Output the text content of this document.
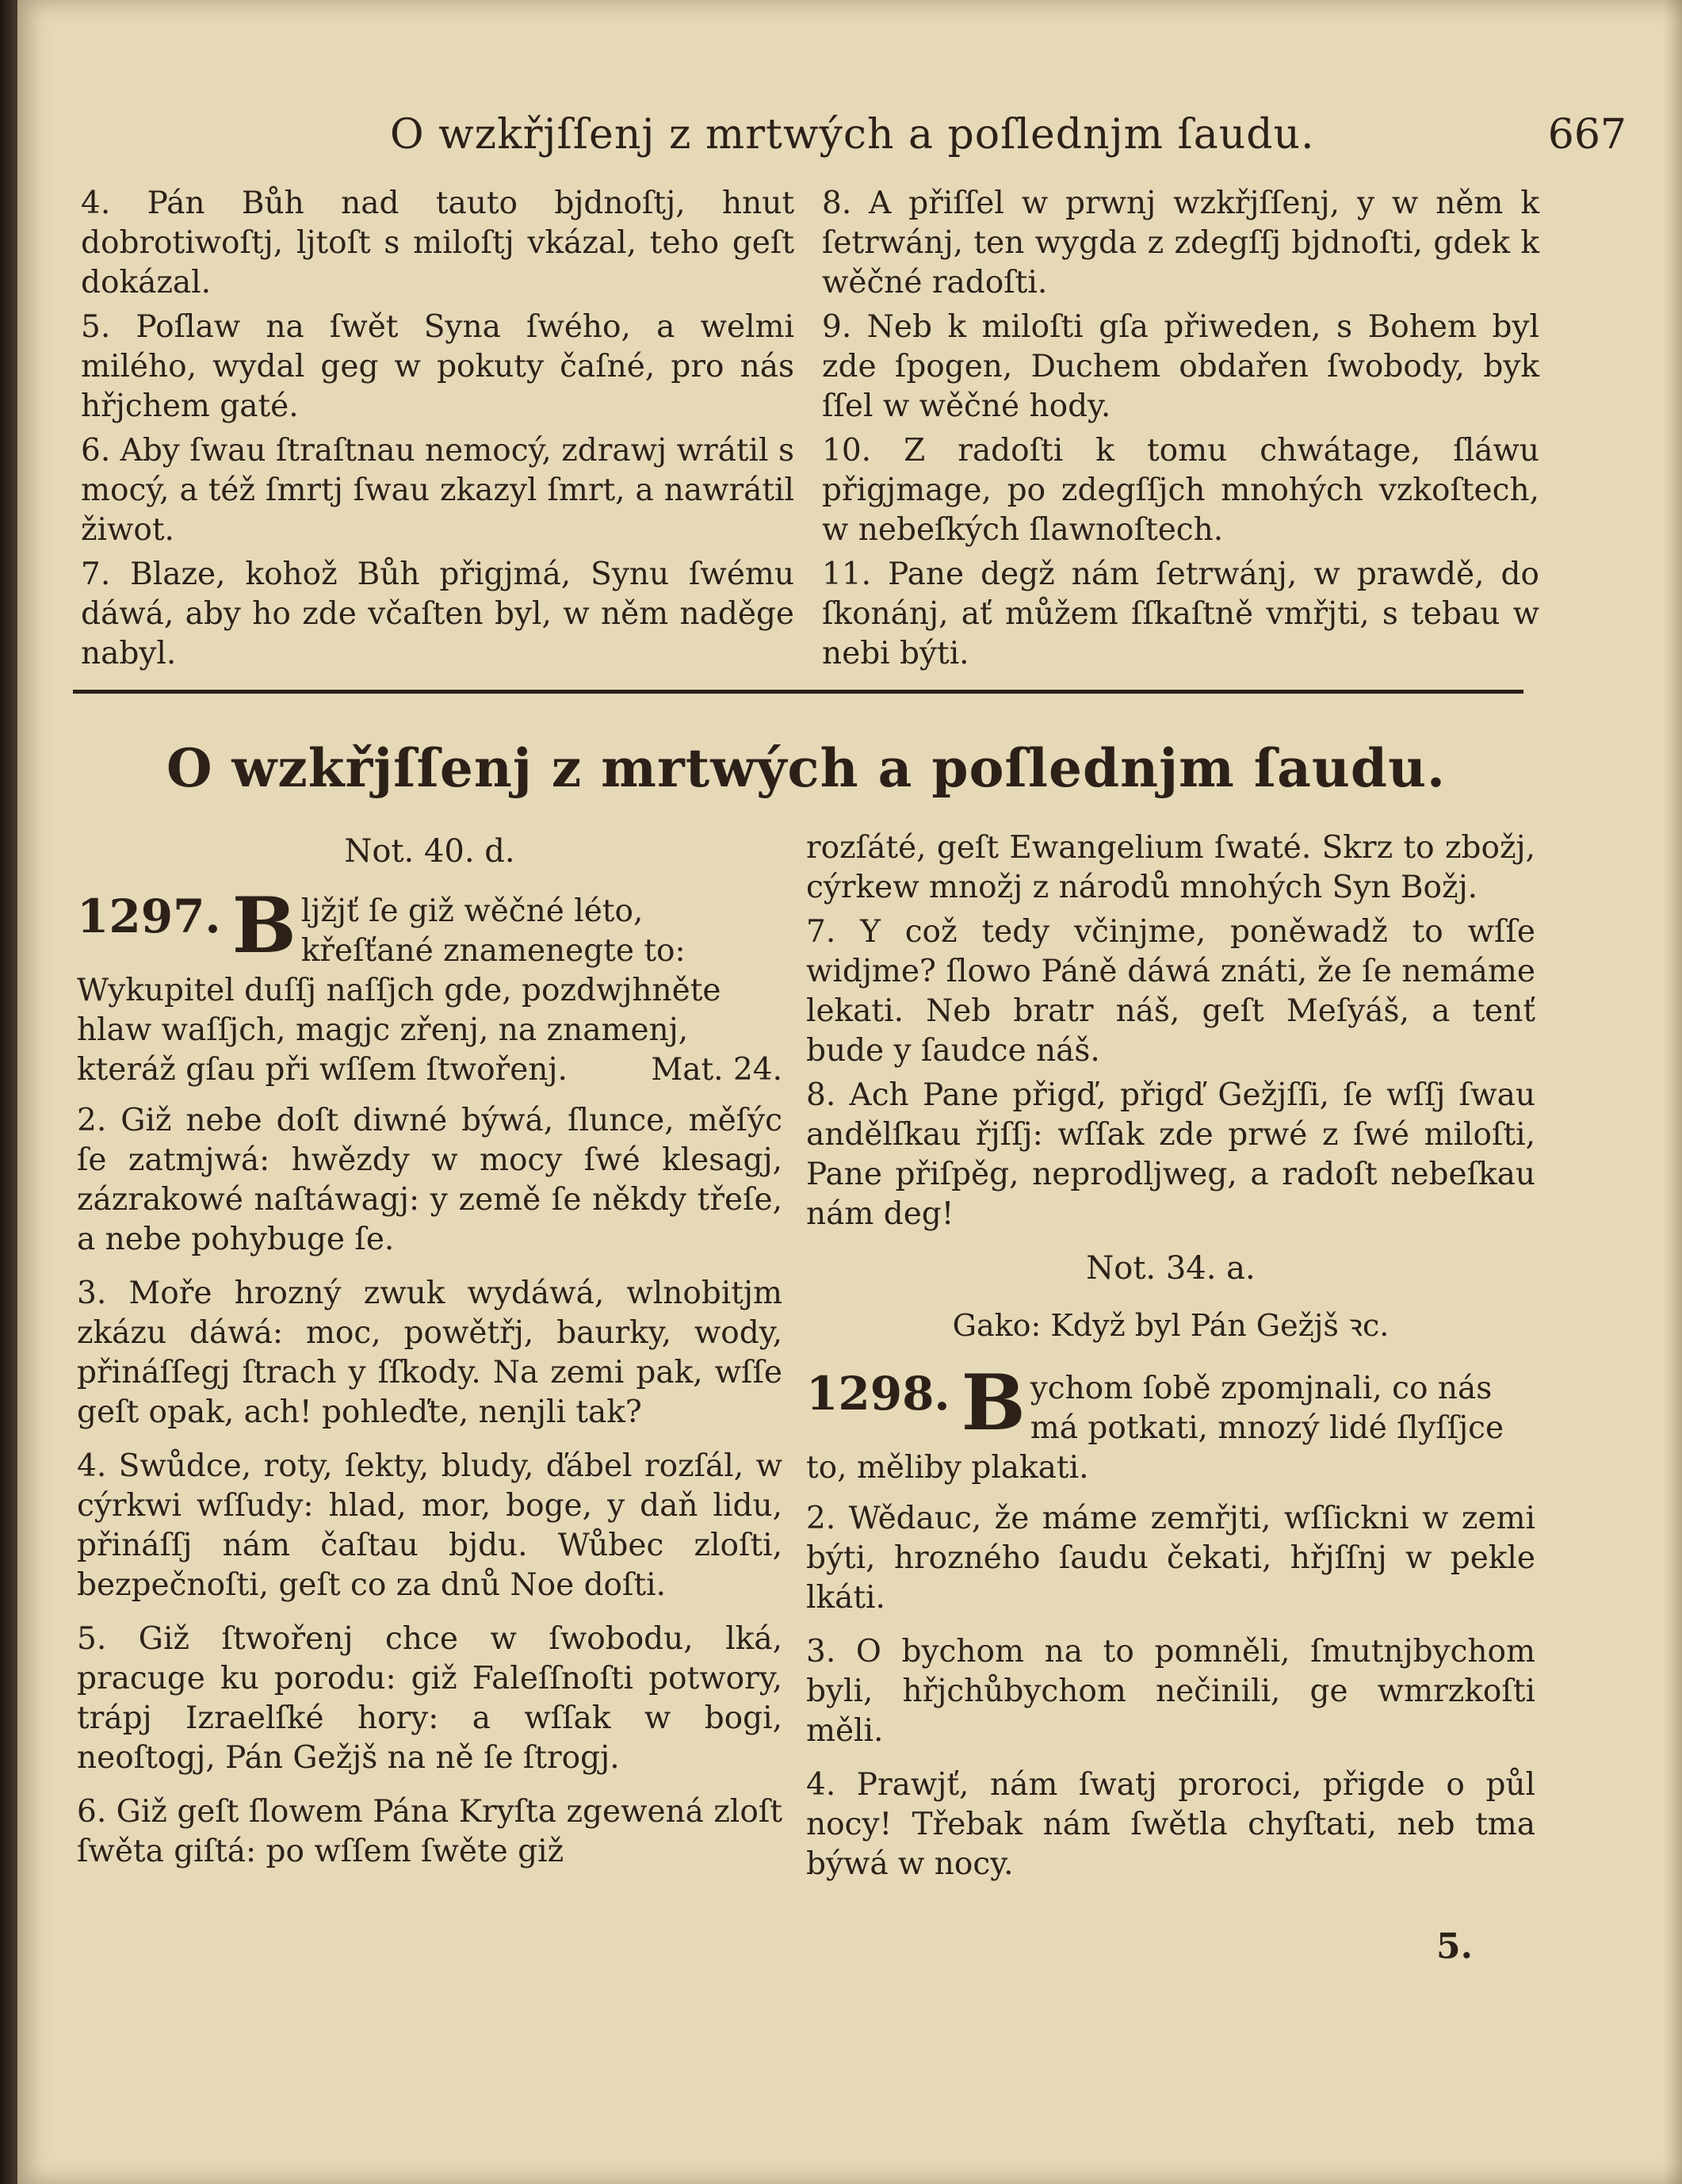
O wzkřjſſenj z mrtwých a poſlednjm ſaudu.	667

4. Pán Bůh nad tauto bjdnoſtj, hnut dobrotiwoſtj, ljtoſt s miloſtj vkázal, teho geſt dokázal.

5. Poſlaw na ſwět Syna ſwého, a welmi milého, wydal geg w pokuty čaſné, pro nás hřjchem gaté.

6. Aby ſwau ſtraſtnau nemocý, zdrawj wrátil s mocý, a též ſmrtj ſwau zkazyl ſmrt, a nawrátil žiwot.

7. Blaze, kohož Bůh přigjmá, Synu ſwému dáwá, aby ho zde včaſten byl, w něm naděge nabyl.

8. A přiſſel w prwnj wzkřjſſenj, y w něm k ſetrwánj, ten wygda z zdegſſj bjdnoſti, gdek k wěčné radoſti.

9. Neb k miloſti gſa přiweden, s Bohem byl zde ſpogen, Duchem obdařen ſwobody, byk ſſel w wěčné hody.

10. Z radoſti k tomu chwátage, ſláwu přigjmage, po zdegſſjch mnohých vzkoſtech, w nebeſkých ſlawnoſtech.

11. Pane degž nám ſetrwánj, w prawdě, do ſkonánj, ať můžem ſſkaſtně vmřjti, s tebau w nebi býti.

O wzkřjſſenj z mrtwých a poſlednjm ſaudu.
Not. 40. d.
1297. B ljžjť ſe giž wěčné léto, křeſťané znamenegte to: Wykupitel duſſj naſſjch gde, pozdwjhněte hlaw waſſjch, magjc zřenj, na znamenj, kteráž gſau při wſſem ſtwořenj.	Mat. 24.

2. Giž nebe doſt diwné býwá, ſlunce, měſýc ſe zatmjwá: hwězdy w mocy ſwé klesagj, zázrakowé naſtáwagj: y země ſe někdy třeſe, a nebe pohybuge ſe.

3. Moře hrozný zwuk wydáwá, wlnobitjm zkázu dáwá: moc, powětřj, baurky, wody, přináſſegj ſtrach y ſſkody. Na zemi pak, wſſe geſt opak, ach! pohleďte, nenjli tak?

4. Swůdce, roty, ſekty, bludy, ďábel rozſál, w cýrkwi wſſudy: hlad, mor, boge, y daň lidu, přináſſj nám čaſtau bjdu. Wůbec zloſti, bezpečnoſti, geſt co za dnů Noe doſti.

5. Giž ſtwořenj chce w ſwobodu, lká, pracuge ku porodu: giž Faleſſnoſti potwory, trápj Izraelſké hory: a wſſak w bogi, neoſtogj, Pán Gežjš na ně ſe ſtrogj.

6. Giž geſt ſlowem Pána Kryſta zgewená zloſt ſwěta giſtá: po wſſem ſwěte giž

rozſáté, geſt Ewangelium ſwaté. Skrz to zbožj, cýrkew množj z národů mnohých Syn Božj.

7. Y což tedy včinjme, poněwadž to wſſe widjme? ſlowo Páně dáwá znáti, že ſe nemáme lekati. Neb bratr náš, geſt Meſyáš, a tenť bude y ſaudce náš.

8. Ach Pane přigď, přigď Gežjſſi, ſe wſſj ſwau andělſkau řjſſj: wſſak zde prwé z ſwé miloſti, Pane přiſpěg, neprodljweg, a radoſt nebeſkau nám deg!

Not. 34. a.
Gako: Když byl Pán Gežjš ꝛc.
1298. B ychom ſobě zpomjnali, co nás má potkati, mnozý lidé ſlyſſjce to, měliby plakati.

2. Wědauc, že máme zemřjti, wſſickni w zemi býti, hrozného ſaudu čekati, hřjſſnj w pekle lkáti.

3. O bychom na to pomněli, ſmutnjbychom byli, hřjchůbychom nečinili, ge wmrzkoſti měli.

4. Prawjť, nám ſwatj proroci, přigde o půl nocy! Třebak nám ſwětla chyſtati, neb tma býwá w nocy.

5.
